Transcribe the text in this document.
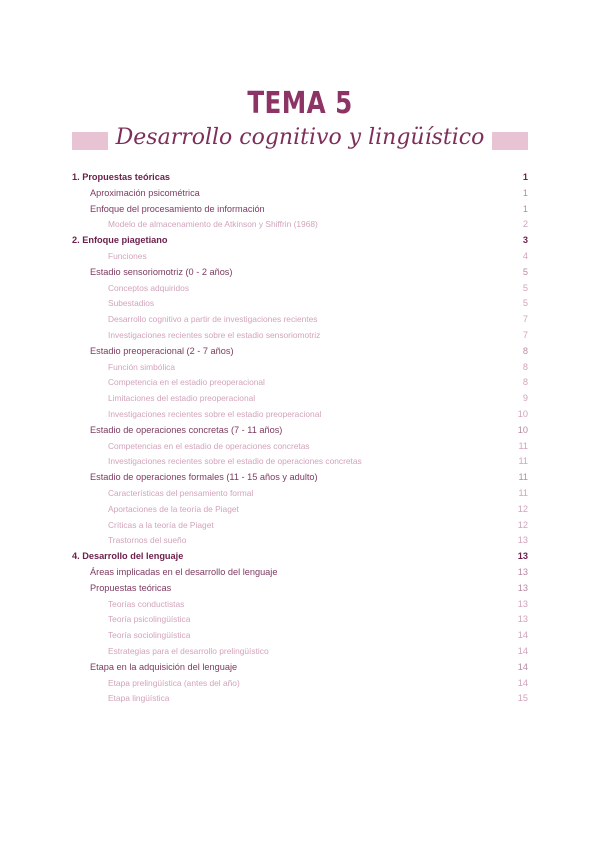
TEMA 5
Desarrollo cognitivo y lingüístico
1. Propuestas teóricas	1
Aproximación psicométrica	1
Enfoque del procesamiento de información	1
Modelo de almacenamiento de Atkinson y Shiffrin (1968)	2
2. Enfoque piagetiano	3
Funciones	4
Estadio sensoriomotriz (0 - 2 años)	5
Conceptos adquiridos	5
Subestadios	5
Desarrollo cognitivo a partir de investigaciones recientes	7
Investigaciones recientes sobre el estadio sensoriomotriz	7
Estadio preoperacional (2 - 7 años)	8
Función simbólica	8
Competencia en el estadio preoperacional	8
Limitaciones del estadio preoperacional	9
Investigaciones recientes sobre el estadio preoperacional	10
Estadio de operaciones concretas (7 - 11 años)	10
Competencias en el estadio de operaciones concretas	11
Investigaciones recientes sobre el estadio de operaciones concretas	11
Estadio de operaciones formales (11 - 15 años y adulto)	11
Características del pensamiento formal	11
Aportaciones de la teoría de Piaget	12
Críticas a la teoría de Piaget	12
Trastornos del sueño	13
4. Desarrollo del lenguaje	13
Áreas implicadas en el desarrollo del lenguaje	13
Propuestas teóricas	13
Teorías conductistas	13
Teoría psicolingüística	13
Teoría sociolingüística	14
Estrategias para el desarrollo prelingüístico	14
Etapa en la adquisición del lenguaje	14
Etapa prelingüística (antes del año)	14
Etapa lingüística	15
